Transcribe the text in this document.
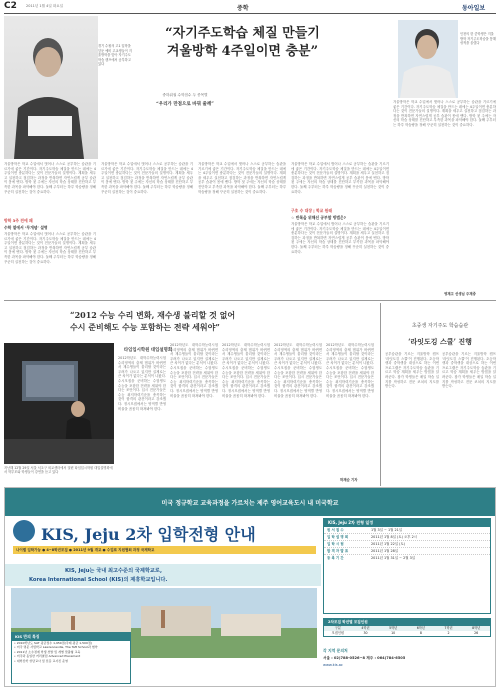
C2	2011년 1월 4일 화요일	중학	동아일보
경기 수원의 고1 입학을 앞둔 예비 고교생들이 겨울방학을 맞아 자기주도학습 캠프에서 공부하고 있다
“자기주도학습 체질 만들기
겨울방학 4주일이면 충분”
중하위권 수학점수 두 종목별
“우리가 만점으로 바꿔 줄께”
인천의 한 중학생은 겨울방학 자기주도학습을 통해 성적을 올렸다
겨울방학은 학교 수업에서 벗어나 스스로 공부하는 습관을 기르기에 좋은 기간이다. 자기주도학습 체질을 만드는 데에는 4주일이면 충분하다는 것이 전문가들의 설명이다. 계획을 세우고 실천하고 점검하는 과정을 반복하면 자연스럽게 공부 습관이 몸에 밴다. 방학 첫 주에는 자신의 학습 상태를 진단하고 부족한 과목을 파악해야 한다. 둘째 주부터는 하루 학습량을 정해 꾸준히 실천하는 것이 중요하다.
방학 3주 전에 왜
수학 열에서 ‘무개념’ 설명
겨울방학은 학교 수업에서 벗어나 스스로 공부하는 습관을 기르기에 좋은 기간이다. 자기주도학습 체질을 만드는 데에는 4주일이면 충분하다는 것이 전문가들의 설명이다. 계획을 세우고 실천하고 점검하는 과정을 반복하면 자연스럽게 공부 습관이 몸에 밴다. 방학 첫 주에는 자신의 학습 상태를 진단하고 부족한 과목을 파악해야 한다. 둘째 주부터는 하루 학습량을 정해 꾸준히 실천하는 것이 중요하다.
겨울방학은 학교 수업에서 벗어나 스스로 공부하는 습관을 기르기에 좋은 기간이다. 자기주도학습 체질을 만드는 데에는 4주일이면 충분하다는 것이 전문가들의 설명이다. 계획을 세우고 실천하고 점검하는 과정을 반복하면 자연스럽게 공부 습관이 몸에 밴다. 방학 첫 주에는 자신의 학습 상태를 진단하고 부족한 과목을 파악해야 한다. 둘째 주부터는 하루 학습량을 정해 꾸준히 실천하는 것이 중요하다.
겨울방학은 학교 수업에서 벗어나 스스로 공부하는 습관을 기르기에 좋은 기간이다. 자기주도학습 체질을 만드는 데에는 4주일이면 충분하다는 것이 전문가들의 설명이다. 계획을 세우고 실천하고 점검하는 과정을 반복하면 자연스럽게 공부 습관이 몸에 밴다. 방학 첫 주에는 자신의 학습 상태를 진단하고 부족한 과목을 파악해야 한다. 둘째 주부터는 하루 학습량을 정해 꾸준히 실천하는 것이 중요하다.
겨울방학은 학교 수업에서 벗어나 스스로 공부하는 습관을 기르기에 좋은 기간이다. 자기주도학습 체질을 만드는 데에는 4주일이면 충분하다는 것이 전문가들의 설명이다. 계획을 세우고 실천하고 점검하는 과정을 반복하면 자연스럽게 공부 습관이 몸에 밴다. 방학 첫 주에는 자신의 학습 상태를 진단하고 부족한 과목을 파악해야 한다. 둘째 주부터는 하루 학습량을 정해 꾸준히 실천하는 것이 중요하다.
구호 수 대장 | 학교 원래
☆ 반복을 위해선 공부할 방법은?
겨울방학은 학교 수업에서 벗어나 스스로 공부하는 습관을 기르기에 좋은 기간이다. 자기주도학습 체질을 만드는 데에는 4주일이면 충분하다는 것이 전문가들의 설명이다. 계획을 세우고 실천하고 점검하는 과정을 반복하면 자연스럽게 공부 습관이 몸에 밴다. 방학 첫 주에는 자신의 학습 상태를 진단하고 부족한 과목을 파악해야 한다. 둘째 주부터는 하루 학습량을 정해 꾸준히 실천하는 것이 중요하다.
겨울방학은 학교 수업에서 벗어나 스스로 공부하는 습관을 기르기에 좋은 기간이다. 자기주도학습 체질을 만드는 데에는 4주일이면 충분하다는 것이 전문가들의 설명이다. 계획을 세우고 실천하고 점검하는 과정을 반복하면 자연스럽게 공부 습관이 몸에 밴다. 방학 첫 주에는 자신의 학습 상태를 진단하고 부족한 과목을 파악해야 한다. 둘째 주부터는 하루 학습량을 정해 꾸준히 실천하는 것이 중요하다.
영재고 선생님 주재중
“2012 수능 수리 변화, 재수생 불리할 것 없어
수시 준비해도 수능 포함하는 전략 세워야”
지난해 12월 29일 서울 서초구 외교센터에서 열린 타임입시학원 대입설명회에서 학부모와 학생들이 강연을 듣고 있다
타임입시학원 대입설명회
2012학년도 대학수학능력시험 수리영역의 출제 범위가 바뀌면서 재수생들이 불리할 것이라는 우려가 나오고 있지만 실제로는 큰 차이가 없다는 분석이 나왔다. 수시모집을 준비하는 수험생도 수능을 포함한 전략을 세워야 한다는 조언이다. 입시 전문가들은 수능 최저학력기준을 충족하는 것이 합격의 관건이라고 강조했다. 정시모집에서는 영역별 반영 비율을 꼼꼼히 따져봐야 한다.
2012학년도 대학수학능력시험 수리영역의 출제 범위가 바뀌면서 재수생들이 불리할 것이라는 우려가 나오고 있지만 실제로는 큰 차이가 없다는 분석이 나왔다. 수시모집을 준비하는 수험생도 수능을 포함한 전략을 세워야 한다는 조언이다. 입시 전문가들은 수능 최저학력기준을 충족하는 것이 합격의 관건이라고 강조했다. 정시모집에서는 영역별 반영 비율을 꼼꼼히 따져봐야 한다.
2012학년도 대학수학능력시험 수리영역의 출제 범위가 바뀌면서 재수생들이 불리할 것이라는 우려가 나오고 있지만 실제로는 큰 차이가 없다는 분석이 나왔다. 수시모집을 준비하는 수험생도 수능을 포함한 전략을 세워야 한다는 조언이다. 입시 전문가들은 수능 최저학력기준을 충족하는 것이 합격의 관건이라고 강조했다. 정시모집에서는 영역별 반영 비율을 꼼꼼히 따져봐야 한다.
2012학년도 대학수학능력시험 수리영역의 출제 범위가 바뀌면서 재수생들이 불리할 것이라는 우려가 나오고 있지만 실제로는 큰 차이가 없다는 분석이 나왔다. 수시모집을 준비하는 수험생도 수능을 포함한 전략을 세워야 한다는 조언이다. 입시 전문가들은 수능 최저학력기준을 충족하는 것이 합격의 관건이라고 강조했다. 정시모집에서는 영역별 반영 비율을 꼼꼼히 따져봐야 한다.
2012학년도 대학수학능력시험 수리영역의 출제 범위가 바뀌면서 재수생들이 불리할 것이라는 우려가 나오고 있지만 실제로는 큰 차이가 없다는 분석이 나왔다. 수시모집을 준비하는 수험생도 수능을 포함한 전략을 세워야 한다는 조언이다. 입시 전문가들은 수능 최저학력기준을 충족하는 것이 합격의 관건이라고 강조했다. 정시모집에서는 영역별 반영 비율을 꼼꼼히 따져봐야 한다.
하재순 기자
초중생 자기주도 학습습관
‘라잇도깅 스쿨’ 진행
공부습관을 기르는 겨울방학 캠프 ‘라잇도깅 스쿨’이 진행된다. 초등학생과 중학생을 대상으로 하는 이번 프로그램은 자기주도학습 습관을 기르고 학습 계획을 세우는 방법을 알려준다. 참가 학생들은 매일 학습 일지를 작성하고 전문 코치의 지도를 받는다.
공부습관을 기르는 겨울방학 캠프 ‘라잇도깅 스쿨’이 진행된다. 초등학생과 중학생을 대상으로 하는 이번 프로그램은 자기주도학습 습관을 기르고 학습 계획을 세우는 방법을 알려준다. 참가 학생들은 매일 학습 일지를 작성하고 전문 코치의 지도를 받는다.
미국 정규학교 교육과정을 가르치는 제주 영어교육도시 내 미국학교
KIS, Jeju 2차 입학전형 안내
나이별 입학가능 ● 4~8학년모집 ● 2011년 9월 개교 ● 수업료 지원협회 과정 국제학교
KIS, Jeju는 국내 최고수준의 국제학교로,
Korea International School (KIS)의 제휴학교입니다.
KIS 만의 특징
• 2010학년도 SAT 평균점수 1,950점(국제 평균 1,500점)
• 미국 명문 사립학교 Lawrenceville, The Taft School과 협약
• 2011년 소수정예 학생 선발 및 개별 맞춤형 교육
• 미국과 동일한 커리큘럼 Advanced Placement
• 대학진학 상담교사 및 전문 교사진 운영
KIS, Jeju 2차 전형 일정
원 서 접 수	1월 3일 ~ 1월 21일
입 학 설 명 회	2011년 1월 8일 (토) 오후 2시
입 학 시 험	2011년 1월 22일 (토)
합 격 자 발 표	2011년 1월 28일
등 록 기 간	2011년 1월 31일 ~ 2월 3일
2차모집 학년별 모집인원
구분	4학년	5학년	6학년	7학년	8학년
모집인원	30	10	8	2	26
각 지역 문의처
서울 : 02)788-0526~8 제주 : 064)784-6505
www.kis.ac
